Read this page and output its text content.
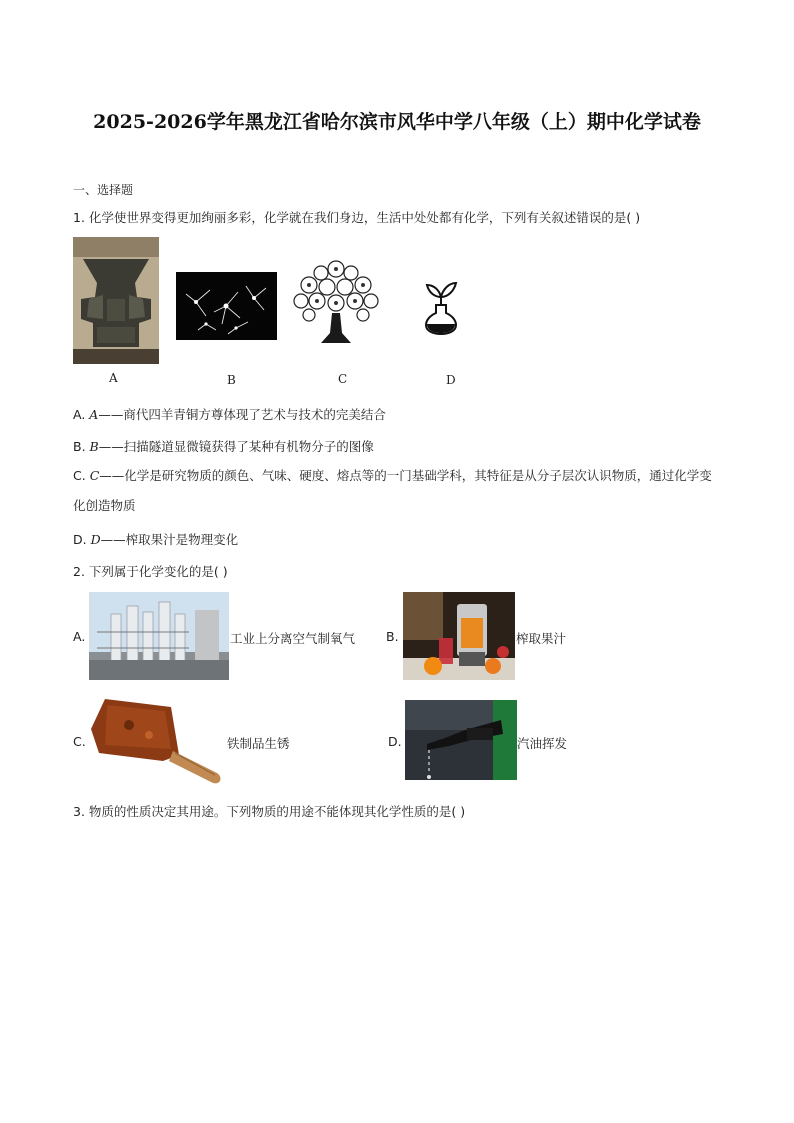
2025-2026学年黑龙江省哈尔滨市风华中学八年级（上）期中化学试卷
一、选择题
1. 化学使世界变得更加绚丽多彩，化学就在我们身边，生活中处处都有化学，下列有关叙述错误的是( )
A	B	C	D
A. A——商代四羊青铜方尊体现了艺术与技术的完美结合
B. B——扫描隧道显微镜获得了某种有机物分子的图像
C. C——化学是研究物质的颜色、气味、硬度、熔点等的一门基础学科，其特征是从分子层次认识物质，通过化学变化创造物质
D. D——榨取果汁是物理变化
2. 下列属于化学变化的是( )
A.	工业上分离空气制氧气 B.	榨取果汁
C.	铁制品生锈	D.	汽油挥发
3. 物质的性质决定其用途。下列物质的用途不能体现其化学性质的是( )
